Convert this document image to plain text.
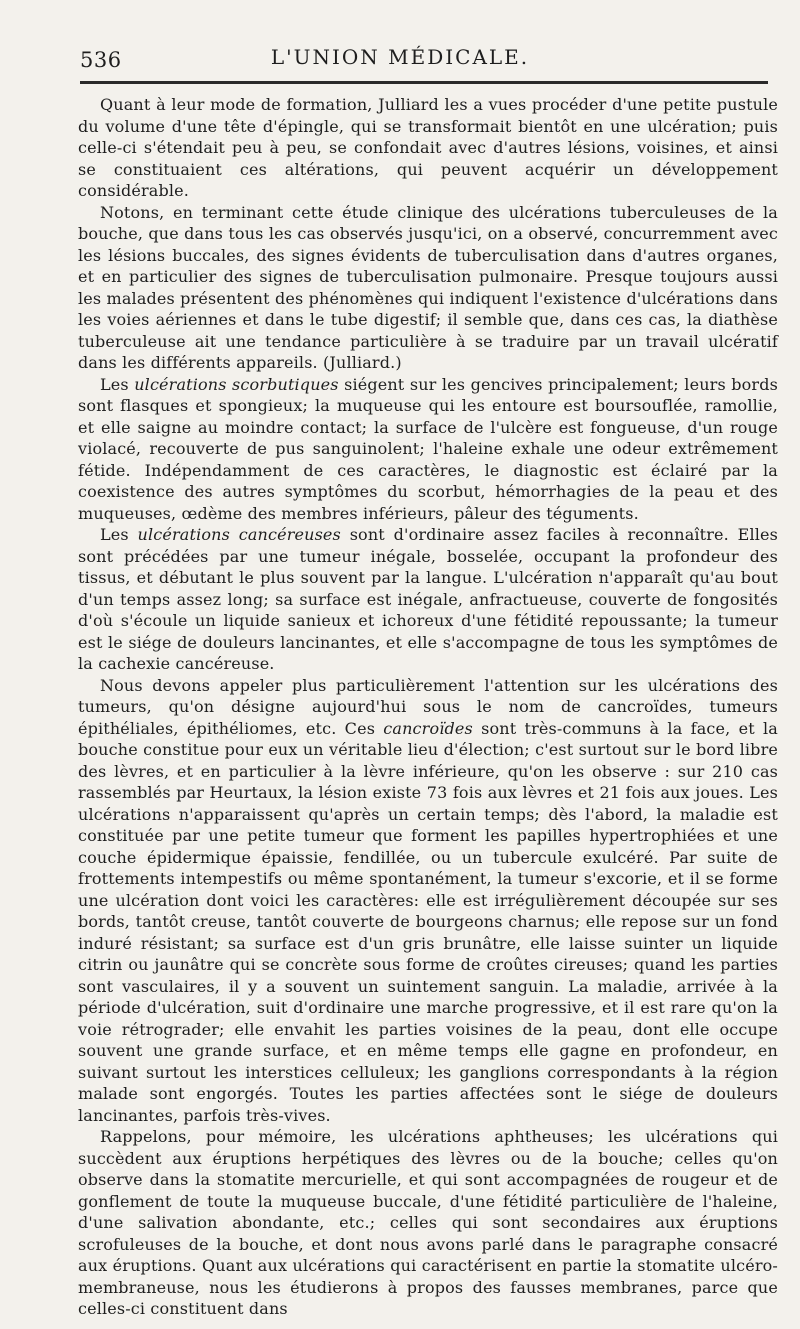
536	L'UNION MÉDICALE.

Quant à leur mode de formation, Julliard les a vues procéder d'une petite pustule du volume d'une tête d'épingle, qui se transformait bientôt en une ulcération; puis celle-ci s'étendait peu à peu, se confondait avec d'autres lésions, voisines, et ainsi se constituaient ces altérations, qui peuvent acquérir un développement considérable.

Notons, en terminant cette étude clinique des ulcérations tuberculeuses de la bouche, que dans tous les cas observés jusqu'ici, on a observé, concurremment avec les lésions buccales, des signes évidents de tuberculisation dans d'autres organes, et en particulier des signes de tuberculisation pulmonaire. Presque toujours aussi les malades présentent des phénomènes qui indiquent l'existence d'ulcérations dans les voies aériennes et dans le tube digestif; il semble que, dans ces cas, la diathèse tuberculeuse ait une tendance particulière à se traduire par un travail ulcératif dans les différents appareils. (Julliard.)

Les ulcérations scorbutiques siégent sur les gencives principalement; leurs bords sont flasques et spongieux; la muqueuse qui les entoure est boursouflée, ramollie, et elle saigne au moindre contact; la surface de l'ulcère est fongueuse, d'un rouge violacé, recouverte de pus sanguinolent; l'haleine exhale une odeur extrêmement fétide. Indépendamment de ces caractères, le diagnostic est éclairé par la coexistence des autres symptômes du scorbut, hémorrhagies de la peau et des muqueuses, œdème des membres inférieurs, pâleur des téguments.

Les ulcérations cancéreuses sont d'ordinaire assez faciles à reconnaître. Elles sont précédées par une tumeur inégale, bosselée, occupant la profondeur des tissus, et débutant le plus souvent par la langue. L'ulcération n'apparaît qu'au bout d'un temps assez long; sa surface est inégale, anfractueuse, couverte de fongosités d'où s'écoule un liquide sanieux et ichoreux d'une fétidité repoussante; la tumeur est le siége de douleurs lancinantes, et elle s'accompagne de tous les symptômes de la cachexie cancéreuse.

Nous devons appeler plus particulièrement l'attention sur les ulcérations des tumeurs, qu'on désigne aujourd'hui sous le nom de cancroïdes, tumeurs épithéliales, épithéliomes, etc. Ces cancroïdes sont très-communs à la face, et la bouche constitue pour eux un véritable lieu d'élection; c'est surtout sur le bord libre des lèvres, et en particulier à la lèvre inférieure, qu'on les observe : sur 210 cas rassemblés par Heurtaux, la lésion existe 73 fois aux lèvres et 21 fois aux joues. Les ulcérations n'apparaissent qu'après un certain temps; dès l'abord, la maladie est constituée par une petite tumeur que forment les papilles hypertrophiées et une couche épidermique épaissie, fendillée, ou un tubercule exulcéré. Par suite de frottements intempestifs ou même spontanément, la tumeur s'excorie, et il se forme une ulcération dont voici les caractères: elle est irrégulièrement découpée sur ses bords, tantôt creuse, tantôt couverte de bourgeons charnus; elle repose sur un fond induré résistant; sa surface est d'un gris brunâtre, elle laisse suinter un liquide citrin ou jaunâtre qui se concrète sous forme de croûtes cireuses; quand les parties sont vasculaires, il y a souvent un suintement sanguin. La maladie, arrivée à la période d'ulcération, suit d'ordinaire une marche progressive, et il est rare qu'on la voie rétrograder; elle envahit les parties voisines de la peau, dont elle occupe souvent une grande surface, et en même temps elle gagne en profondeur, en suivant surtout les interstices celluleux; les ganglions correspondants à la région malade sont engorgés. Toutes les parties affectées sont le siége de douleurs lancinantes, parfois très-vives.

Rappelons, pour mémoire, les ulcérations aphtheuses; les ulcérations qui succèdent aux éruptions herpétiques des lèvres ou de la bouche; celles qu'on observe dans la stomatite mercurielle, et qui sont accompagnées de rougeur et de gonflement de toute la muqueuse buccale, d'une fétidité particulière de l'haleine, d'une salivation abondante, etc.; celles qui sont secondaires aux éruptions scrofuleuses de la bouche, et dont nous avons parlé dans le paragraphe consacré aux éruptions. Quant aux ulcérations qui caractérisent en partie la stomatite ulcéro-membraneuse, nous les étudierons à propos des fausses membranes, parce que celles-ci constituent dans
